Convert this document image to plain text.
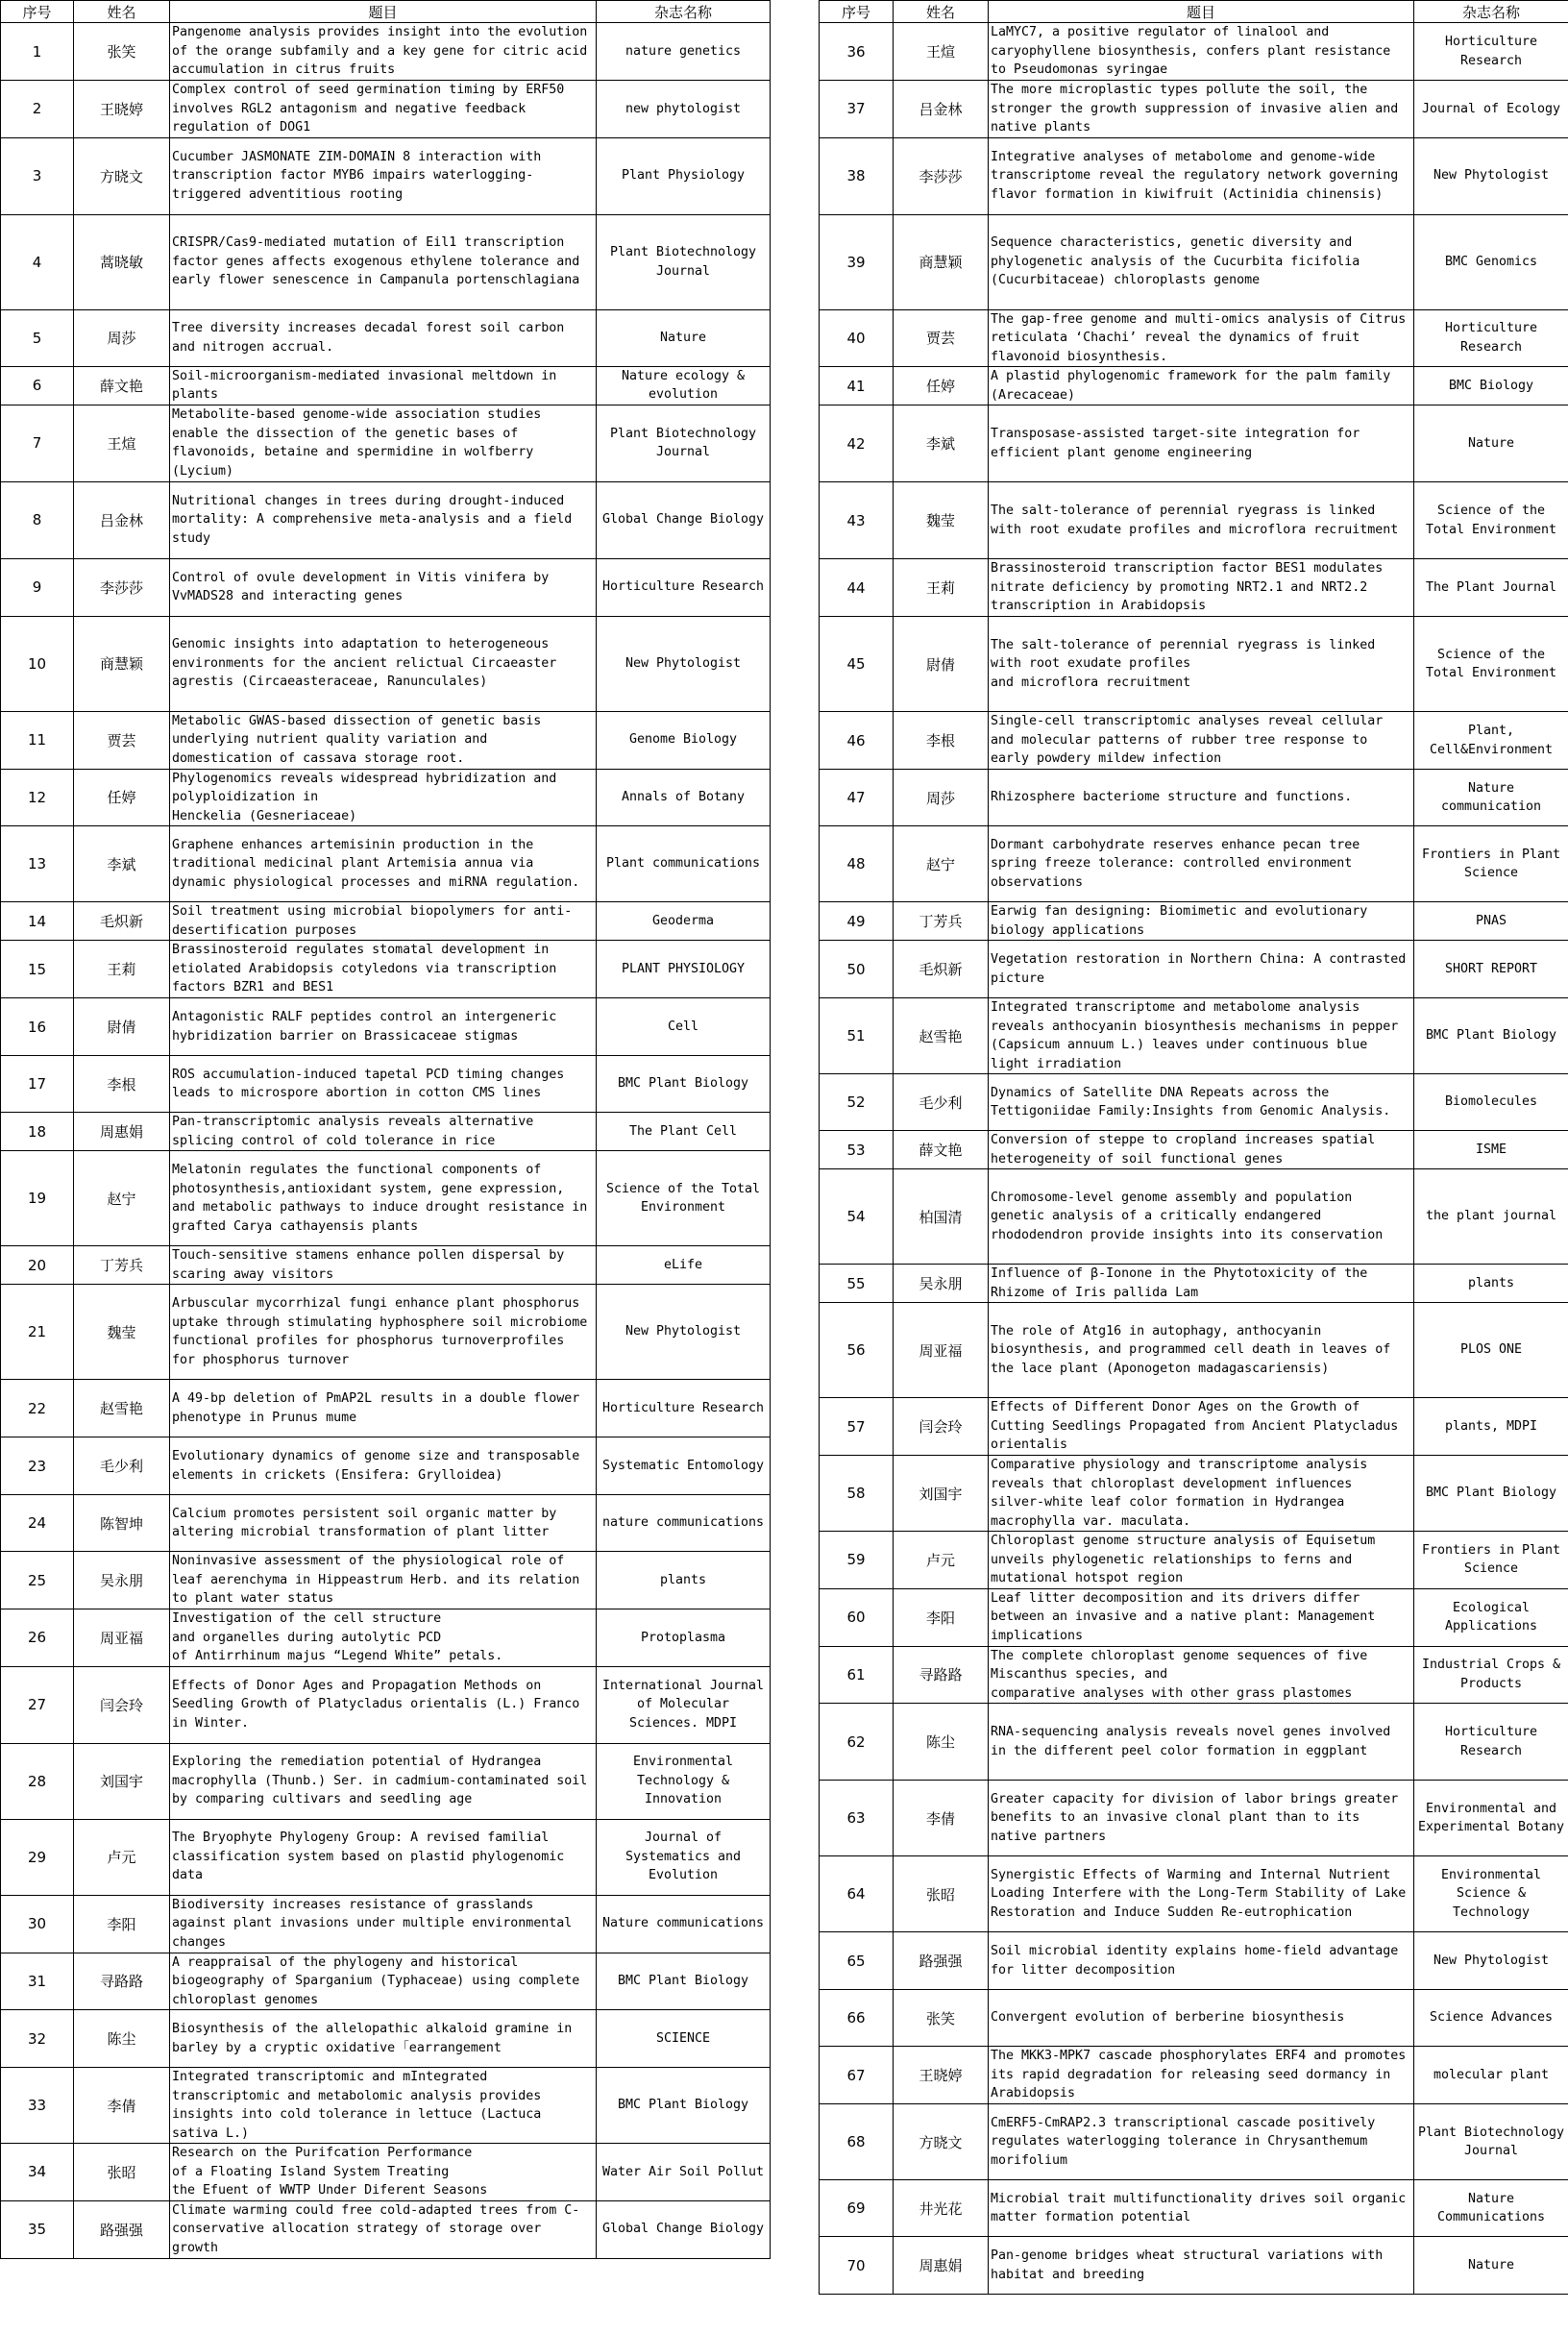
序号	姓名	题目	杂志名称
1	张笑	Pangenome analysis provides insight into the evolution of the orange subfamily and a key gene for citric acid accumulation in citrus fruits	nature genetics
2	王晓婷	Complex control of seed germination timing by ERF50 involves RGL2 antagonism and negative feedback regulation of DOG1	new phytologist
3	方晓文	Cucumber JASMONATE ZIM-DOMAIN 8 interaction with transcription factor MYB6 impairs waterlogging-triggered adventitious rooting	Plant Physiology
4	蒿晓敏	CRISPR/Cas9-mediated mutation of Eil1 transcription
factor genes affects exogenous ethylene tolerance and early flower senescence in Campanula portenschlagiana	Plant Biotechnology Journal
5	周莎	Tree diversity increases decadal forest soil carbon and nitrogen accrual.	Nature
6	薛文艳	Soil-microorganism-mediated invasional meltdown in plants	Nature ecology & evolution
7	王煊	Metabolite-based genome-wide association studies enable the dissection of the genetic bases of flavonoids, betaine and spermidine in wolfberry (Lycium)	Plant Biotechnology Journal
8	吕金林	Nutritional changes in trees during drought-induced
mortality: A comprehensive meta-analysis and a field study	Global Change Biology
9	李莎莎	Control of ovule development in Vitis vinifera by VvMADS28 and interacting genes	Horticulture Research
10	商慧颖	Genomic insights into adaptation to heterogeneous
environments for the ancient relictual Circaeaster agrestis (Circaeasteraceae, Ranunculales)	New Phytologist
11	贾芸	Metabolic GWAS-based dissection of genetic basis underlying nutrient quality variation and domestication of cassava storage root.	Genome Biology
12	任婷	Phylogenomics reveals widespread hybridization and polyploidization in
Henckelia (Gesneriaceae)	Annals of Botany
13	李斌	Graphene enhances artemisinin production in the traditional medicinal plant Artemisia annua via dynamic physiological processes and miRNA regulation.	Plant communications
14	毛炽新	Soil treatment using microbial biopolymers for anti-desertification purposes	Geoderma
15	王莉	Brassinosteroid regulates stomatal development in etiolated Arabidopsis cotyledons via transcription factors BZR1 and BES1	PLANT PHYSIOLOGY
16	尉倩	Antagonistic RALF peptides control an intergeneric
hybridization barrier on Brassicaceae stigmas	Cell
17	李根	ROS accumulation-induced tapetal PCD timing changes leads to microspore abortion in cotton CMS lines	BMC Plant Biology
18	周惠娟	Pan-transcriptomic analysis reveals alternative splicing control of cold tolerance in rice	The Plant Cell
19	赵宁	Melatonin regulates the functional components of photosynthesis,antioxidant system, gene expression, and metabolic pathways to induce drought resistance in grafted Carya cathayensis plants	Science of the Total Environment
20	丁芳兵	Touch-sensitive stamens enhance pollen dispersal by scaring away visitors	eLife
21	魏莹	Arbuscular mycorrhizal fungi enhance plant phosphorus uptake through stimulating hyphosphere soil microbiome functional profiles for phosphorus turnoverprofiles for phosphorus turnover	New Phytologist
22	赵雪艳	A 49-bp deletion of PmAP2L results in a double flower phenotype in Prunus mume	Horticulture Research
23	毛少利	Evolutionary dynamics of genome size and transposable elements in crickets (Ensifera: Grylloidea)	Systematic Entomology
24	陈智坤	Calcium promotes persistent soil organic matter by altering microbial transformation of plant litter	nature communications
25	吴永朋	Noninvasive assessment of the physiological role of leaf aerenchyma in Hippeastrum Herb. and its relation to plant water status	plants
26	周亚福	Investigation of the cell structure
and organelles during autolytic PCD
of Antirrhinum majus “Legend White” petals.	Protoplasma
27	闫会玲	Effects of Donor Ages and Propagation Methods on Seedling Growth of Platycladus orientalis (L.) Franco in Winter.	International Journal of Molecular Sciences. MDPI
28	刘国宇	Exploring the remediation potential of Hydrangea macrophylla (Thunb.) Ser. in cadmium-contaminated soil by comparing cultivars and seedling age	Environmental Technology & Innovation
29	卢元	The Bryophyte Phylogeny Group: A revised familial classification system based on plastid phylogenomic data	Journal of Systematics and Evolution
30	李阳	Biodiversity increases resistance of grasslands against plant invasions under multiple environmental changes	Nature communications
31	寻路路	A reappraisal of the phylogeny and historical biogeography of Sparganium (Typhaceae) using complete chloroplast genomes	BMC Plant Biology
32	陈尘	Biosynthesis of the allelopathic alkaloid gramine in barley by a cryptic oxidative ｢earrangement	SCIENCE
33	李倩	Integrated transcriptomic and mIntegrated transcriptomic and metabolomic analysis provides insights into cold tolerance in lettuce (Lactuca sativa L.)	BMC Plant Biology
34	张昭	Research on the Purifcation Performance
of a Floating Island System Treating
the Efuent of WWTP Under Diferent Seasons	Water Air Soil Pollut
35	路强强	Climate warming could free cold-adapted trees from C-conservative allocation strategy of storage over growth	Global Change Biology
序号	姓名	题目	杂志名称
36	王煊	LaMYC7, a positive regulator of linalool and caryophyllene biosynthesis, confers plant resistance to Pseudomonas syringae	Horticulture Research
37	吕金林	The more microplastic types pollute the soil, the stronger the growth suppression of invasive alien and native plants	Journal of Ecology
38	李莎莎	Integrative analyses of metabolome and genome-wide transcriptome reveal the regulatory network governing flavor formation in kiwifruit (Actinidia chinensis)	New Phytologist
39	商慧颖	Sequence characteristics, genetic diversity and phylogenetic analysis of the Cucurbita ficifolia (Cucurbitaceae) chloroplasts genome	BMC Genomics
40	贾芸	The gap-free genome and multi-omics analysis of Citrus reticulata ‘Chachi’ reveal the dynamics of fruit flavonoid biosynthesis.	Horticulture Research
41	任婷	A plastid phylogenomic framework for the palm family (Arecaceae)	BMC Biology
42	李斌	Transposase-assisted target-site integration for efficient plant genome engineering	Nature
43	魏莹	The salt-tolerance of perennial ryegrass is linked with root exudate profiles and microflora recruitment	Science of the Total Environment
44	王莉	Brassinosteroid transcription factor BES1 modulates nitrate deficiency by promoting NRT2.1 and NRT2.2 transcription in Arabidopsis	The Plant Journal
45	尉倩	The salt-tolerance of perennial ryegrass is linked with root exudate profiles
and microflora recruitment	Science of the Total Environment
46	李根	Single‑cell transcriptomic analyses reveal cellular and molecular patterns of rubber tree response to early powdery mildew infection	Plant, Cell&Environment
47	周莎	Rhizosphere bacteriome structure and functions.	Nature communication
48	赵宁	Dormant carbohydrate reserves enhance pecan tree spring freeze tolerance: controlled environment observations	Frontiers in Plant Science
49	丁芳兵	Earwig fan designing: Biomimetic and evolutionary
biology applications	PNAS
50	毛炽新	Vegetation restoration in Northern China: A contrasted picture	SHORT REPORT
51	赵雪艳	Integrated transcriptome and metabolome analysis reveals anthocyanin biosynthesis mechanisms in pepper (Capsicum annuum L.) leaves under continuous blue light irradiation	BMC Plant Biology
52	毛少利	Dynamics of Satellite DNA Repeats across the Tettigoniidae Family:Insights from Genomic Analysis.	Biomolecules
53	薛文艳	Conversion of steppe to cropland increases spatial heterogeneity of soil functional genes	ISME
54	柏国清	Chromosome-level genome assembly and population genetic analysis of a critically endangered rhododendron provide insights into its conservation	the plant journal
55	吴永朋	Influence of β-Ionone in the Phytotoxicity of the Rhizome of Iris pallida Lam	plants
56	周亚福	The role of Atg16 in autophagy, anthocyanin biosynthesis, and programmed cell death in leaves of the lace plant (Aponogeton madagascariensis)	PLOS ONE
57	闫会玲	Effects of Different Donor Ages on the Growth of Cutting Seedlings Propagated from Ancient Platycladus orientalis	plants, MDPI
58	刘国宇	Comparative physiology and transcriptome analysis reveals that chloroplast development influences silver-white leaf color formation in Hydrangea macrophylla var. maculata.	BMC Plant Biology
59	卢元	Chloroplast genome structure analysis of Equisetum unveils phylogenetic relationships to ferns and mutational hotspot region	Frontiers in Plant Science
60	李阳	Leaf litter decomposition and its drivers differ between an invasive and a native plant: Management implications	Ecological Applications
61	寻路路	The complete chloroplast genome sequences of five Miscanthus species, and
comparative analyses with other grass plastomes	Industrial Crops & Products
62	陈尘	RNA-sequencing analysis reveals novel genes involved in the different peel color formation in eggplant	Horticulture Research
63	李倩	Greater capacity for division of labor brings greater benefits to an invasive clonal plant than to its native partners	Environmental and Experimental Botany
64	张昭	Synergistic Effects of Warming and Internal Nutrient Loading Interfere with the Long-Term Stability of Lake Restoration and Induce Sudden Re-eutrophication	Environmental Science & Technology
65	路强强	Soil microbial identity explains home-field advantage for litter decomposition	New Phytologist
66	张笑	Convergent evolution of berberine biosynthesis	Science Advances
67	王晓婷	The MKK3-MPK7 cascade phosphorylates ERF4 and promotes its rapid degradation for releasing seed dormancy in Arabidopsis	molecular plant
68	方晓文	CmERF5-CmRAP2.3 transcriptional cascade positively regulates waterlogging tolerance in Chrysanthemum morifolium	Plant Biotechnology Journal
69	井光花	Microbial trait multifunctionality drives soil organic matter formation potential	Nature Communications
70	周惠娟	Pan-genome bridges wheat structural variations with habitat and breeding	Nature
